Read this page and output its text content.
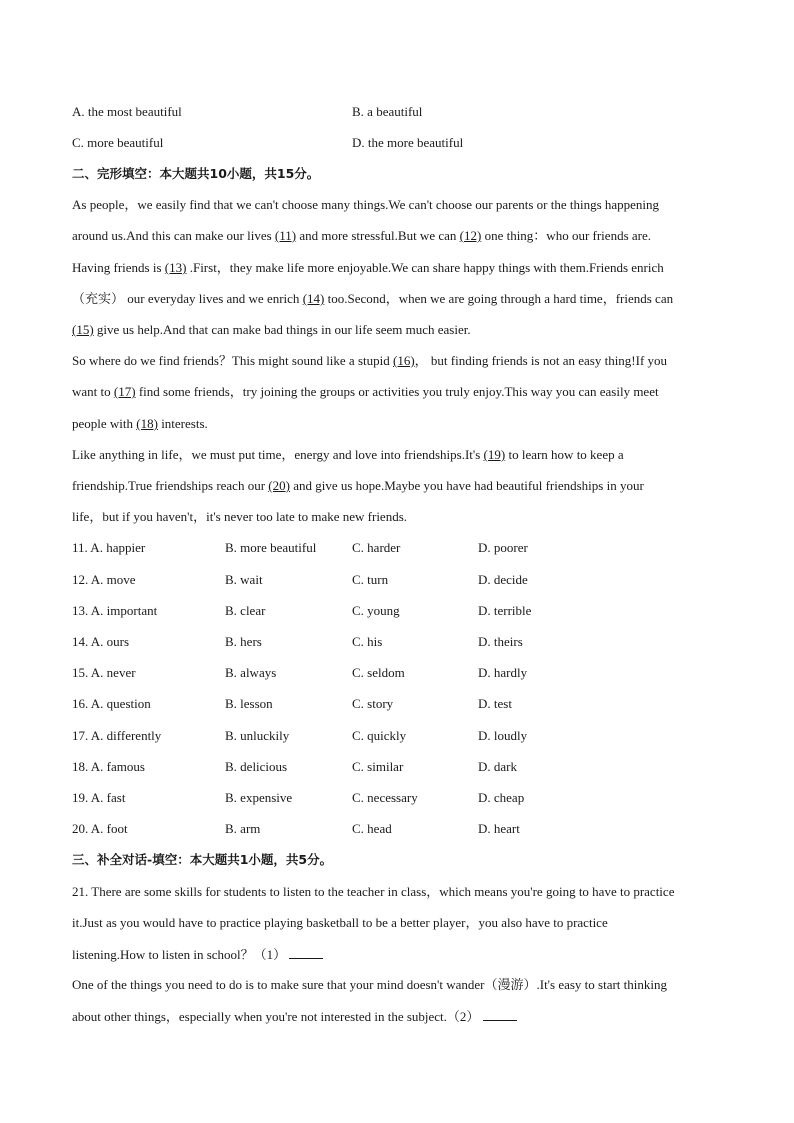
A. the most beautiful	B. a beautiful
C. more beautiful	D. the more beautiful
二、完形填空：本大题共10小题，共15分。
As people，we easily find that we can't choose many things.We can't choose our parents or the things happening
around us.And this can make our lives (11) and more stressful.But we can (12) one thing：who our friends are.
Having friends is (13) .First，they make life more enjoyable.We can share happy things with them.Friends enrich
（充实） our everyday lives and we enrich (14) too.Second，when we are going through a hard time，friends can
(15) give us help.And that can make bad things in our life seem much easier.
So where do we find friends？This might sound like a stupid (16)， but finding friends is not an easy thing!If you
want to (17) find some friends，try joining the groups or activities you truly enjoy.This way you can easily meet
people with (18) interests.
Like anything in life，we must put time，energy and love into friendships.It's (19) to learn how to keep a
friendship.True friendships reach our (20) and give us hope.Maybe you have had beautiful friendships in your
life，but if you haven't，it's never too late to make new friends.
11. A. happier	B. more beautiful	C. harder	D. poorer
12. A. move	B. wait	C. turn	D. decide
13. A. important	B. clear	C. young	D. terrible
14. A. ours	B. hers	C. his	D. theirs
15. A. never	B. always	C. seldom	D. hardly
16. A. question	B. lesson	C. story	D. test
17. A. differently	B. unluckily	C. quickly	D. loudly
18. A. famous	B. delicious	C. similar	D. dark
19. A. fast	B. expensive	C. necessary	D. cheap
20. A. foot	B. arm	C. head	D. heart
三、补全对话-填空：本大题共1小题，共5分。
21. There are some skills for students to listen to the teacher in class，which means you're going to have to practice
it.Just as you would have to practice playing basketball to be a better player，you also have to practice
listening.How to listen in school？（1）
One of the things you need to do is to make sure that your mind doesn't wander（漫游）.It's easy to start thinking
about other things，especially when you're not interested in the subject.（2）
